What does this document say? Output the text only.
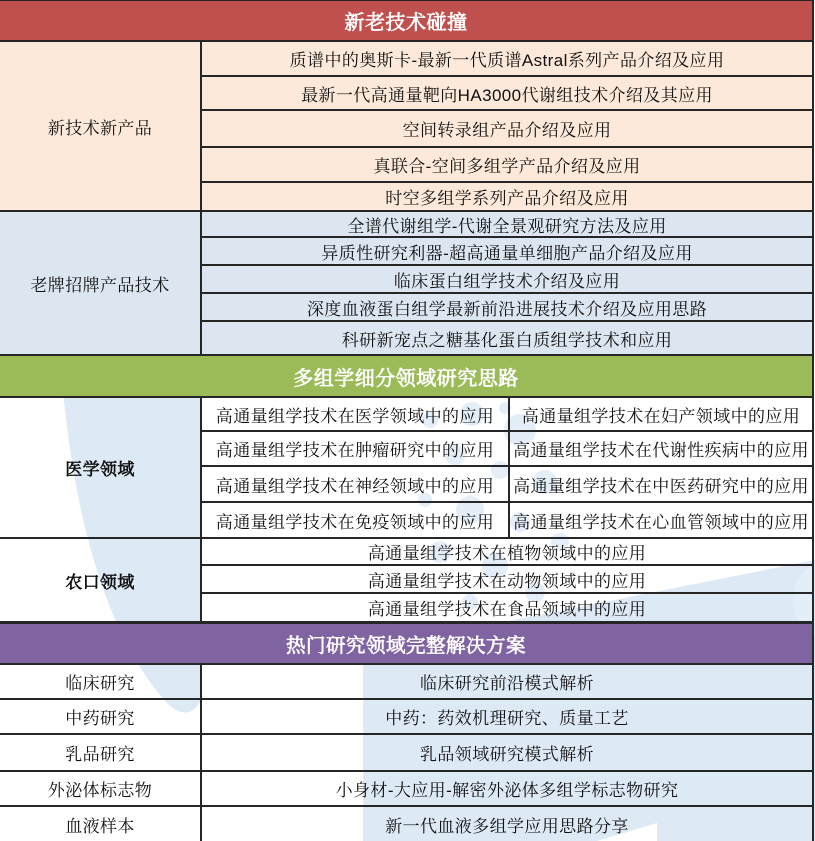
新老技术碰撞
新技术新产品
质谱中的奥斯卡-最新一代质谱Astral系列产品介绍及应用
最新一代高通量靶向HA3000代谢组技术介绍及其应用
空间转录组产品介绍及应用
真联合-空间多组学产品介绍及应用
时空多组学系列产品介绍及应用
老牌招牌产品技术
全谱代谢组学-代谢全景观研究方法及应用
异质性研究利器-超高通量单细胞产品介绍及应用
临床蛋白组学技术介绍及应用
深度血液蛋白组学最新前沿进展技术介绍及应用思路
科研新宠点之糖基化蛋白质组学技术和应用
多组学细分领域研究思路
医学领域
高通量组学技术在医学领域中的应用	高通量组学技术在妇产领域中的应用
高通量组学技术在肿瘤研究中的应用	高通量组学技术在代谢性疾病中的应用
高通量组学技术在神经领域中的应用	高通量组学技术在中医药研究中的应用
高通量组学技术在免疫领域中的应用	高通量组学技术在心血管领域中的应用
农口领域
高通量组学技术在植物领域中的应用
高通量组学技术在动物领域中的应用
高通量组学技术在食品领域中的应用
热门研究领域完整解决方案
临床研究	临床研究前沿模式解析
中药研究	中药：药效机理研究、质量工艺
乳品研究	乳品领域研究模式解析
外泌体标志物	小身材-大应用-解密外泌体多组学标志物研究
血液样本	新一代血液多组学应用思路分享
